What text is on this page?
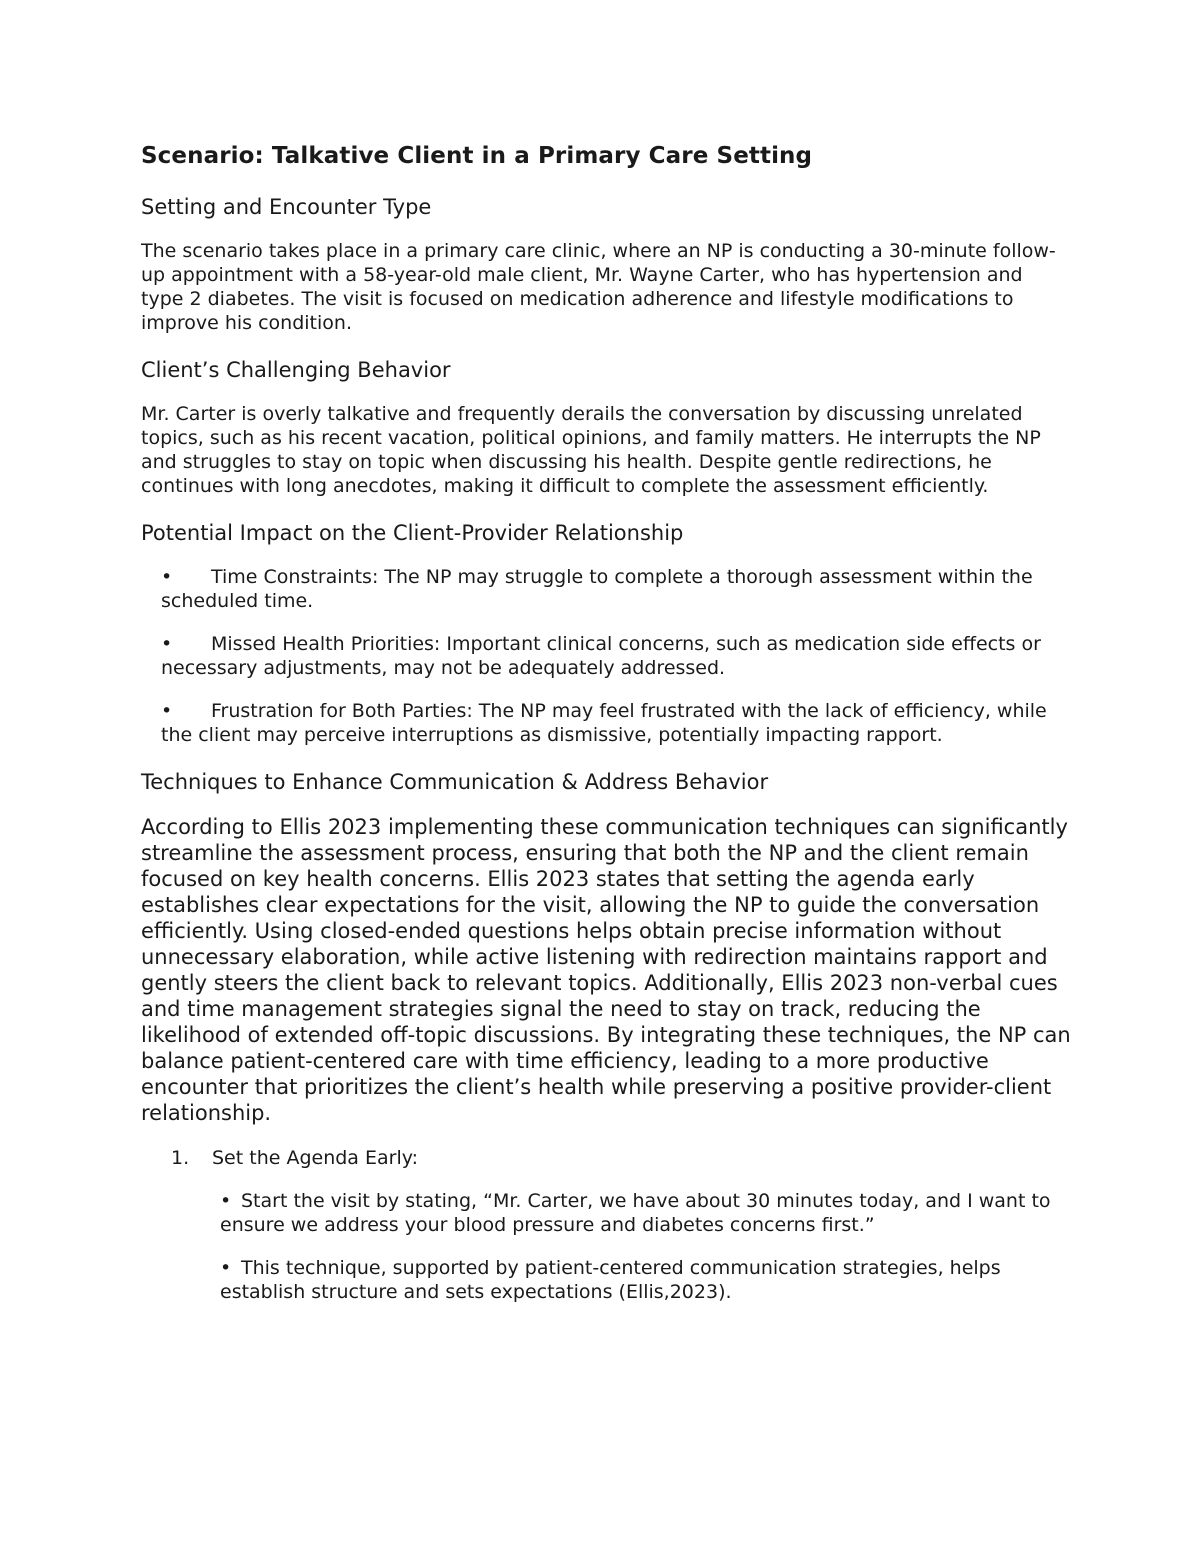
Scenario: Talkative Client in a Primary Care Setting
Setting and Encounter Type

The scenario takes place in a primary care clinic, where an NP is conducting a 30-minute follow-up appointment with a 58-year-old male client, Mr. Wayne Carter, who has hypertension and type 2 diabetes. The visit is focused on medication adherence and lifestyle modifications to improve his condition.

Client’s Challenging Behavior

Mr. Carter is overly talkative and frequently derails the conversation by discussing unrelated topics, such as his recent vacation, political opinions, and family matters. He interrupts the NP and struggles to stay on topic when discussing his health. Despite gentle redirections, he continues with long anecdotes, making it difficult to complete the assessment efficiently.

Potential Impact on the Client-Provider Relationship
• Time Constraints: The NP may struggle to complete a thorough assessment within the scheduled time.
• Missed Health Priorities: Important clinical concerns, such as medication side effects or necessary adjustments, may not be adequately addressed.
• Frustration for Both Parties: The NP may feel frustrated with the lack of efficiency, while the client may perceive interruptions as dismissive, potentially impacting rapport.
Techniques to Enhance Communication & Address Behavior

According to Ellis 2023 implementing these communication techniques can significantly streamline the assessment process, ensuring that both the NP and the client remain focused on key health concerns. Ellis 2023 states that setting the agenda early establishes clear expectations for the visit, allowing the NP to guide the conversation efficiently. Using closed-ended questions helps obtain precise information without unnecessary elaboration, while active listening with redirection maintains rapport and gently steers the client back to relevant topics. Additionally, Ellis 2023 non-verbal cues and time management strategies signal the need to stay on track, reducing the likelihood of extended off-topic discussions. By integrating these techniques, the NP can balance patient-centered care with time efficiency, leading to a more productive encounter that prioritizes the client’s health while preserving a positive provider-client relationship.

1.	Set the Agenda Early:
• Start the visit by stating, “Mr. Carter, we have about 30 minutes today, and I want to ensure we address your blood pressure and diabetes concerns first.”
• This technique, supported by patient-centered communication strategies, helps establish structure and sets expectations (Ellis,2023).
